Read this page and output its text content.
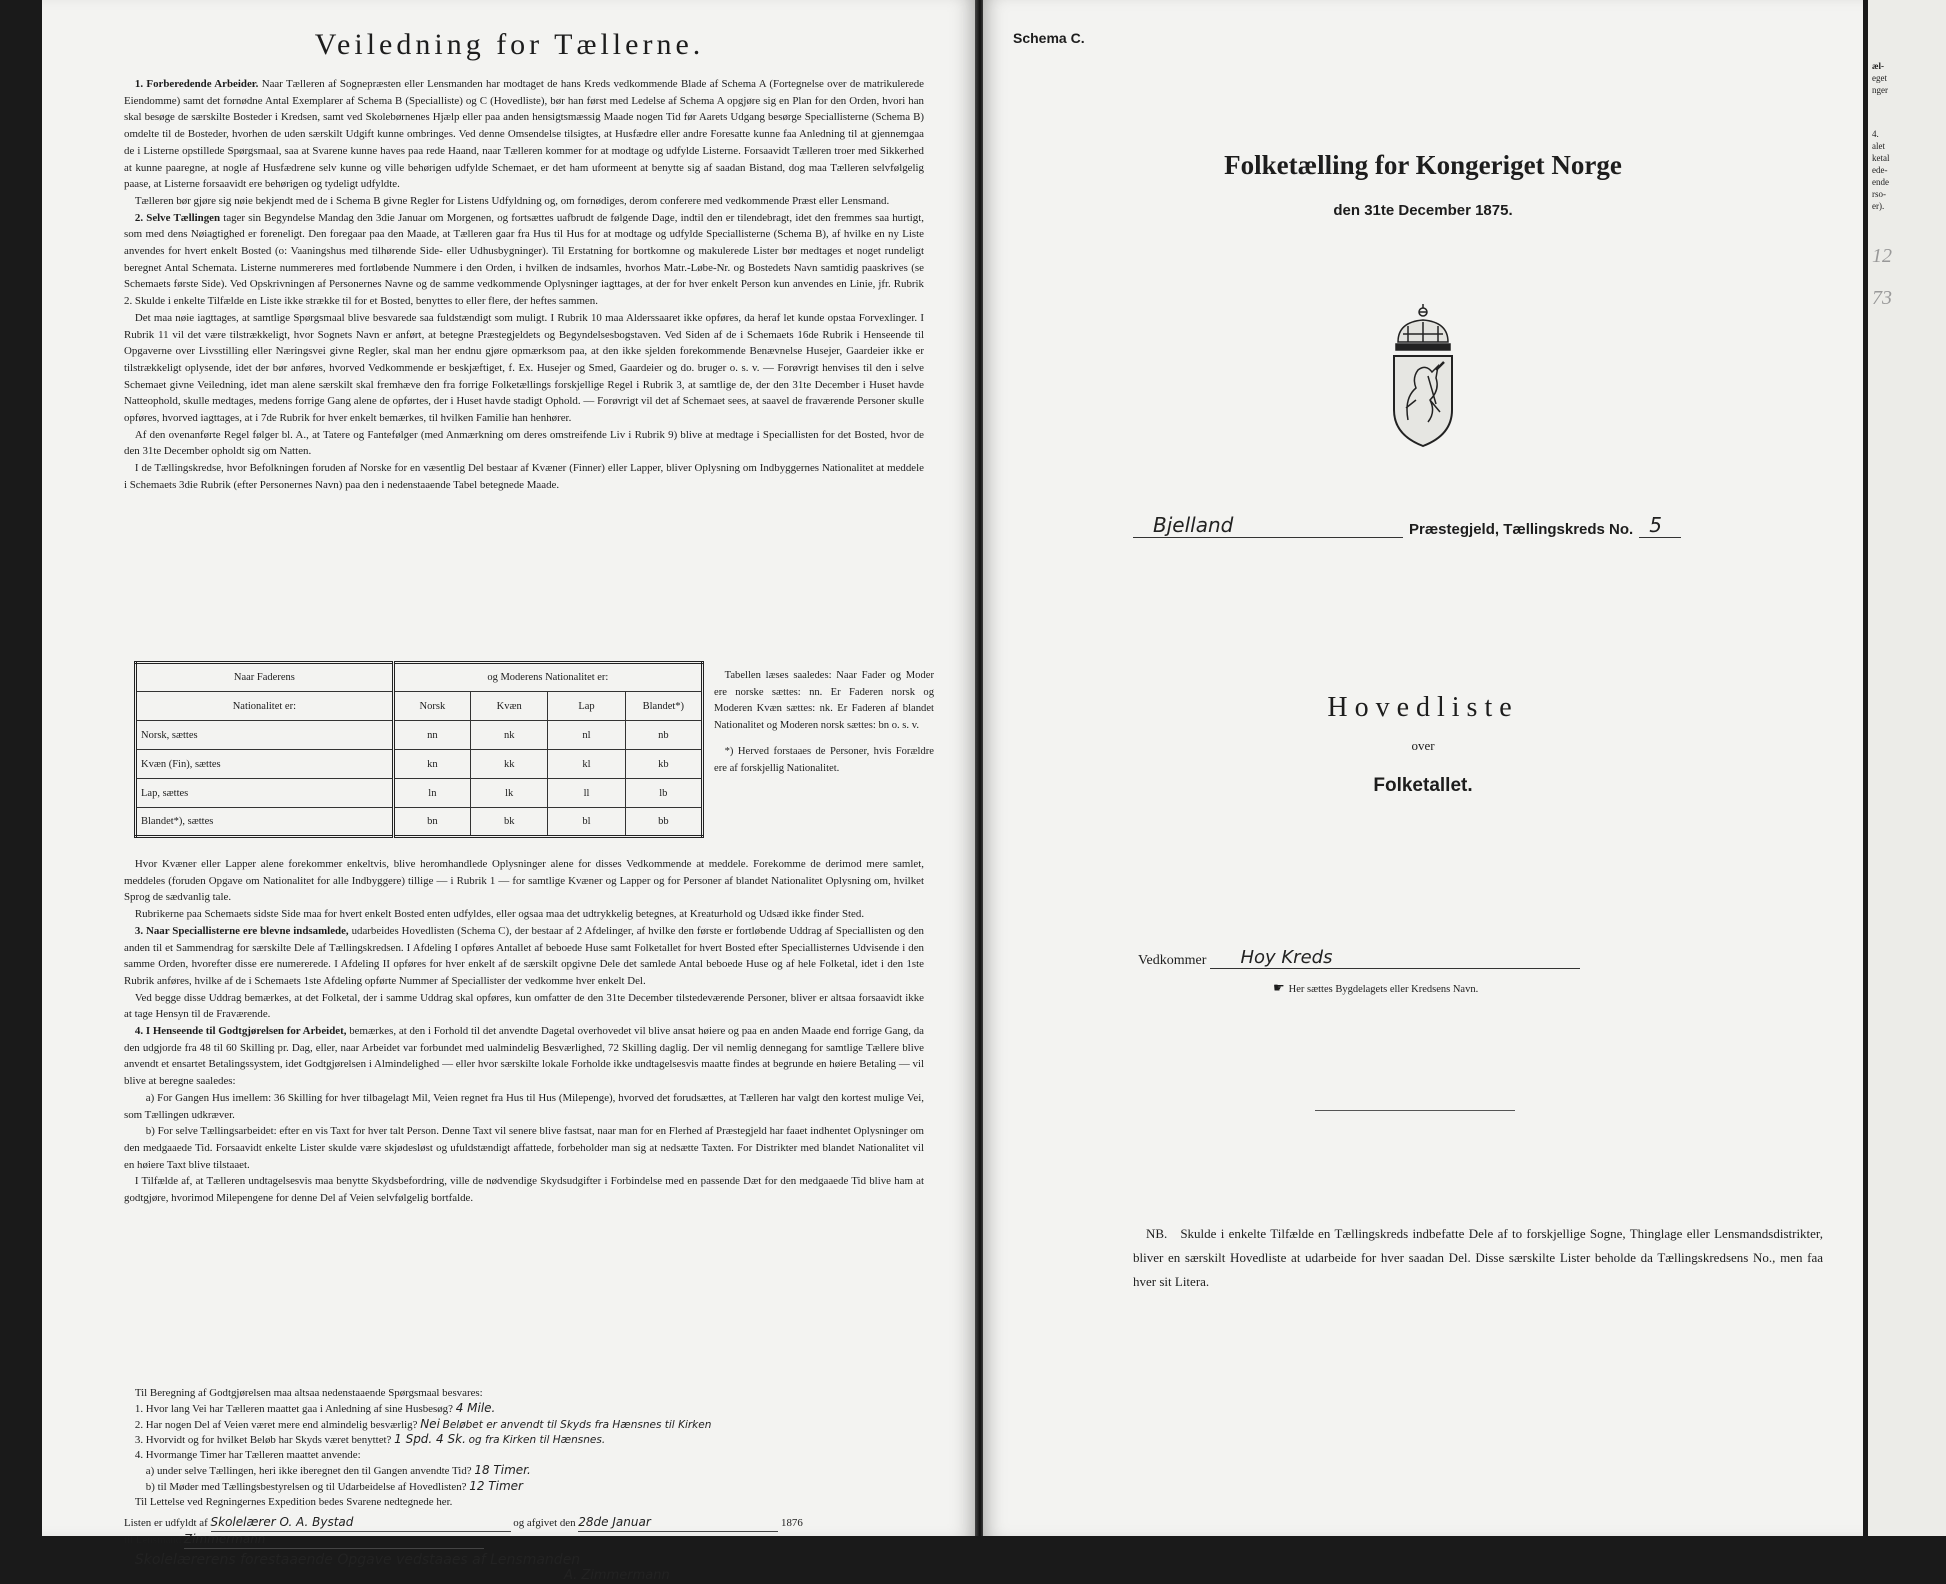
Veiledning for Tællerne.

 1. Forberedende Arbeider. Naar Tælleren af Sognepræsten eller Lensmanden har modtaget de hans Kreds vedkommende Blade af Schema A (Fortegnelse over de matrikulerede Eiendomme) samt det fornødne Antal Exemplarer af Schema B (Specialliste) og C (Hovedliste), bør han først med Ledelse af Schema A opgjøre sig en Plan for den Orden, hvori han skal besøge de særskilte Bosteder i Kredsen, samt ved Skolebørnenes Hjælp eller paa anden hensigtsmæssig Maade nogen Tid før Aarets Udgang besørge Speciallisterne (Schema B) omdelte til de Bosteder, hvorhen de uden særskilt Udgift kunne ombringes. Ved denne Omsendelse tilsigtes, at Husfædre eller andre Foresatte kunne faa Anledning til at gjennemgaa de i Listerne opstillede Spørgsmaal, saa at Svarene kunne haves paa rede Haand, naar Tælleren kommer for at modtage og udfylde Listerne. Forsaavidt Tælleren troer med Sikkerhed at kunne paaregne, at nogle af Husfædrene selv kunne og ville behørigen udfylde Schemaet, er det ham uformeent at benytte sig af saadan Bistand, dog maa Tælleren selvfølgelig paase, at Listerne forsaavidt ere behørigen og tydeligt udfyldte.

 Tælleren bør gjøre sig nøie bekjendt med de i Schema B givne Regler for Listens Udfyldning og, om fornødiges, derom conferere med vedkommende Præst eller Lensmand.

 2. Selve Tællingen tager sin Begyndelse Mandag den 3die Januar om Morgenen, og fortsættes uafbrudt de følgende Dage, indtil den er tilendebragt, idet den fremmes saa hurtigt, som med dens Nøiagtighed er foreneligt. Den foregaar paa den Maade, at Tælleren gaar fra Hus til Hus for at modtage og udfylde Speciallisterne (Schema B), af hvilke en ny Liste anvendes for hvert enkelt Bosted (o: Vaaningshus med tilhørende Side- eller Udhusbygninger). Til Erstatning for bortkomne og makulerede Lister bør medtages et noget rundeligt beregnet Antal Schemata. Listerne nummereres med fortløbende Nummere i den Orden, i hvilken de indsamles, hvorhos Matr.-Løbe-Nr. og Bostedets Navn samtidig paaskrives (se Schemaets første Side). Ved Opskrivningen af Personernes Navne og de samme vedkommende Oplysninger iagttages, at der for hver enkelt Person kun anvendes en Linie, jfr. Rubrik 2. Skulde i enkelte Tilfælde en Liste ikke strække til for et Bosted, benyttes to eller flere, der heftes sammen.

 Det maa nøie iagttages, at samtlige Spørgsmaal blive besvarede saa fuldstændigt som muligt. I Rubrik 10 maa Alderssaaret ikke opføres, da heraf let kunde opstaa Forvexlinger. I Rubrik 11 vil det være tilstrækkeligt, hvor Sognets Navn er anført, at betegne Præstegjeldets og Begyndelsesbogstaven. Ved Siden af de i Schemaets 16de Rubrik i Henseende til Opgaverne over Livsstilling eller Næringsvei givne Regler, skal man her endnu gjøre opmærksom paa, at den ikke sjelden forekommende Benævnelse Husejer, Gaardeier ikke er tilstrækkeligt oplysende, idet der bør anføres, hvorved Vedkommende er beskjæftiget, f. Ex. Husejer og Smed, Gaardeier og do. bruger o. s. v. — Forøvrigt henvises til den i selve Schemaet givne Veiledning, idet man alene særskilt skal fremhæve den fra forrige Folketællings forskjellige Regel i Rubrik 3, at samtlige de, der den 31te December i Huset havde Natteophold, skulle medtages, medens forrige Gang alene de opførtes, der i Huset havde stadigt Ophold. — Forøvrigt vil det af Schemaet sees, at saavel de fraværende Personer skulle opføres, hvorved iagttages, at i 7de Rubrik for hver enkelt bemærkes, til hvilken Familie han henhører.

 Af den ovenanførte Regel følger bl. A., at Tatere og Fantefølger (med Anmærkning om deres omstreifende Liv i Rubrik 9) blive at medtage i Speciallisten for det Bosted, hvor de den 31te December opholdt sig om Natten.

 I de Tællingskredse, hvor Befolkningen foruden af Norske for en væsentlig Del bestaar af Kvæner (Finner) eller Lapper, bliver Oplysning om Indbyggernes Nationalitet at meddele i Schemaets 3die Rubrik (efter Personernes Navn) paa den i nedenstaaende Tabel betegnede Maade.

Naar Faderens	og Moderens Nationalitet er:			
Nationalitet er:	Norsk	Kvæn	Lap	Blandet*)
Norsk, sættes	nn	nk	nl	nb
Kvæn (Fin), sættes	kn	kk	kl	kb
Lap, sættes	ln	lk	ll	lb
Blandet*), sættes	bn	bk	bl	bb

 Tabellen læses saaledes: Naar Fader og Moder ere norske sættes: nn. Er Faderen norsk og Moderen Kvæn sættes: nk. Er Faderen af blandet Nationalitet og Moderen norsk sættes: bn o. s. v.

 *) Herved forstaaes de Personer, hvis Forældre ere af forskjellig Nationalitet.

 Hvor Kvæner eller Lapper alene forekommer enkeltvis, blive heromhandlede Oplysninger alene for disses Vedkommende at meddele. Forekomme de derimod mere samlet, meddeles (foruden Opgave om Nationalitet for alle Indbyggere) tillige — i Rubrik 1 — for samtlige Kvæner og Lapper og for Personer af blandet Nationalitet Oplysning om, hvilket Sprog de sædvanlig tale.

 Rubrikerne paa Schemaets sidste Side maa for hvert enkelt Bosted enten udfyldes, eller ogsaa maa det udtrykkelig betegnes, at Kreaturhold og Udsæd ikke finder Sted.

 3. Naar Speciallisterne ere blevne indsamlede, udarbeides Hovedlisten (Schema C), der bestaar af 2 Afdelinger, af hvilke den første er fortløbende Uddrag af Speciallisten og den anden til et Sammendrag for særskilte Dele af Tællingskredsen. I Afdeling I opføres Antallet af beboede Huse samt Folketallet for hvert Bosted efter Speciallisternes Udvisende i den samme Orden, hvorefter disse ere numererede. I Afdeling II opføres for hver enkelt af de særskilt opgivne Dele det samlede Antal beboede Huse og af hele Folketal, idet i den 1ste Rubrik anføres, hvilke af de i Schemaets 1ste Afdeling opførte Nummer af Speciallister der vedkomme hver enkelt Del.

 Ved begge disse Uddrag bemærkes, at det Folketal, der i samme Uddrag skal opføres, kun omfatter de den 31te December tilstedeværende Personer, bliver er altsaa forsaavidt ikke at tage Hensyn til de Fraværende.

 4. I Henseende til Godtgjørelsen for Arbeidet, bemærkes, at den i Forhold til det anvendte Dagetal overhovedet vil blive ansat høiere og paa en anden Maade end forrige Gang, da den udgjorde fra 48 til 60 Skilling pr. Dag, eller, naar Arbeidet var forbundet med ualmindelig Besværlighed, 72 Skilling daglig. Der vil nemlig dennegang for samtlige Tællere blive anvendt et ensartet Betalingssystem, idet Godtgjørelsen i Almindelighed — eller hvor særskilte lokale Forholde ikke undtagelsesvis maatte findes at begrunde en høiere Betaling — vil blive at beregne saaledes:

  a) For Gangen Hus imellem: 36 Skilling for hver tilbagelagt Mil, Veien regnet fra Hus til Hus (Milepenge), hvorved det forudsættes, at Tælleren har valgt den kortest mulige Vei, som Tællingen udkræver.

  b) For selve Tællingsarbeidet: efter en vis Taxt for hver talt Person. Denne Taxt vil senere blive fastsat, naar man for en Flerhed af Præstegjeld har faaet indhentet Oplysninger om den medgaaede Tid. Forsaavidt enkelte Lister skulde være skjødesløst og ufuldstændigt affattede, forbeholder man sig at nedsætte Taxten. For Distrikter med blandet Nationalitet vil en høiere Taxt blive tilstaaet.

 I Tilfælde af, at Tælleren undtagelsesvis maa benytte Skydsbefordring, ville de nødvendige Skydsudgifter i Forbindelse med en passende Dæt for den medgaaede Tid blive ham at godtgjøre, hvorimod Milepengene for denne Del af Veien selvfølgelig bortfalde.

 Til Beregning af Godtgjørelsen maa altsaa nedenstaaende Spørgsmaal besvares:

 1. Hvor lang Vei har Tælleren maattet gaa i Anledning af sine Husbesøg? 4 Mile.

 2. Har nogen Del af Veien været mere end almindelig besværlig? Nei Beløbet er anvendt til Skyds fra Hænsnes til Kirken

 3. Hvorvidt og for hvilket Beløb har Skyds været benyttet? 1 Spd. 4 Sk. og fra Kirken til Hænsnes.

 4. Hvormange Timer har Tælleren maattet anvende:

  a) under selve Tællingen, heri ikke iberegnet den til Gangen anvendte Tid? 18 Timer.

  b) til Møder med Tællingsbestyrelsen og til Udarbeidelse af Hovedlisten? 12 Timer

 Til Lettelse ved Regningernes Expedition bedes Svarene nedtegnede her.

Listen er udfyldt af Skolelærer O. A. Bystad	og afgivet den 28de Januar	1876

til Lensmand Zimmermann

 Skolelærerens forestaaende Opgave vedstaaes af Lensmanden

A. Zimmermann

Schema C.
Folketælling for Kongeriget Norge
den 31te December 1875.
Bjelland	Præstegjeld, Tællingskreds No. 5
Hovedliste
over
Folketallet.
Vedkommer Hoy Kreds
☛ Her sættes Bygdelagets eller Kredsens Navn.
 NB.  Skulde i enkelte Tilfælde en Tællingskreds indbefatte Dele af to forskjellige Sogne, Thinglage eller Lensmandsdistrikter, bliver en særskilt Hovedliste at udarbeide for hver saadan Del. Disse særskilte Lister beholde da Tællingskredsens No., men faa hver sit Litera.
æl-
eget
nger
4.
alet
ketal
ede-
ende
rso-
er).
12
73
